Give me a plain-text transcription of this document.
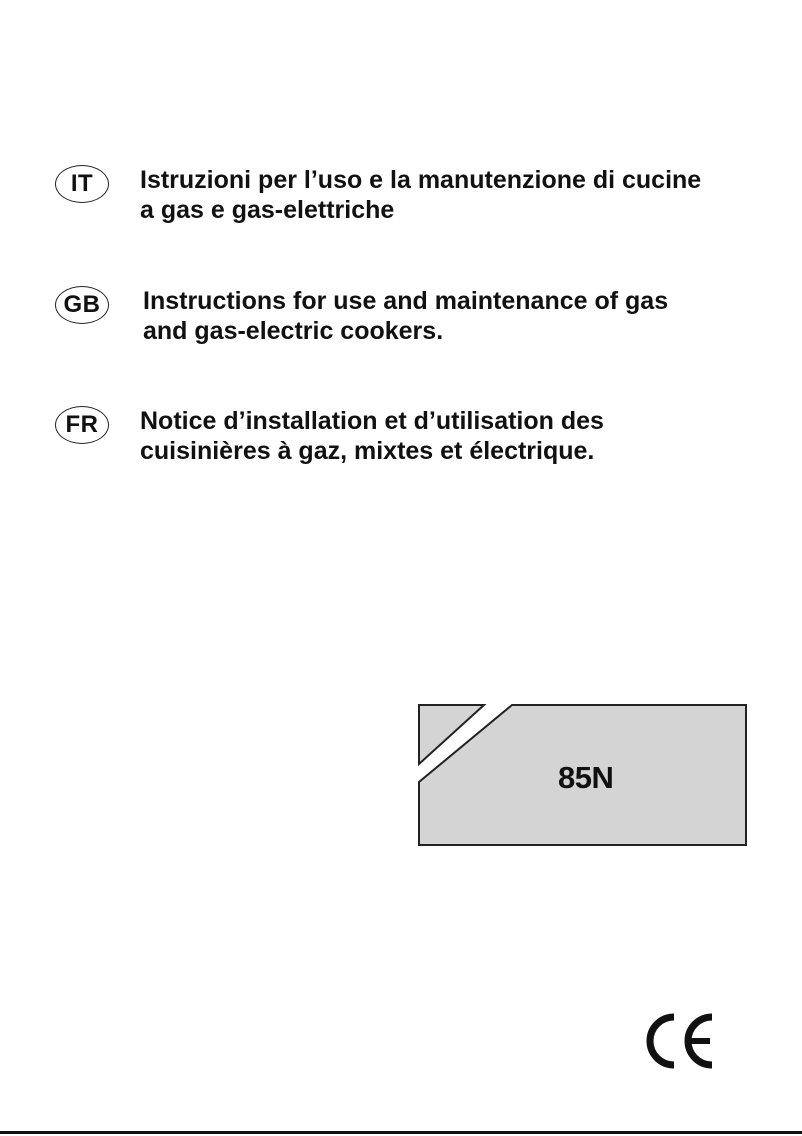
IT	Istruzioni per l’uso e la manutenzione di cucine
a gas e gas-elettriche
GB	Instructions for use and maintenance of gas
and gas-electric cookers.
FR	Notice d’installation et d’utilisation des
cuisinières à gaz, mixtes et électrique.
85N
